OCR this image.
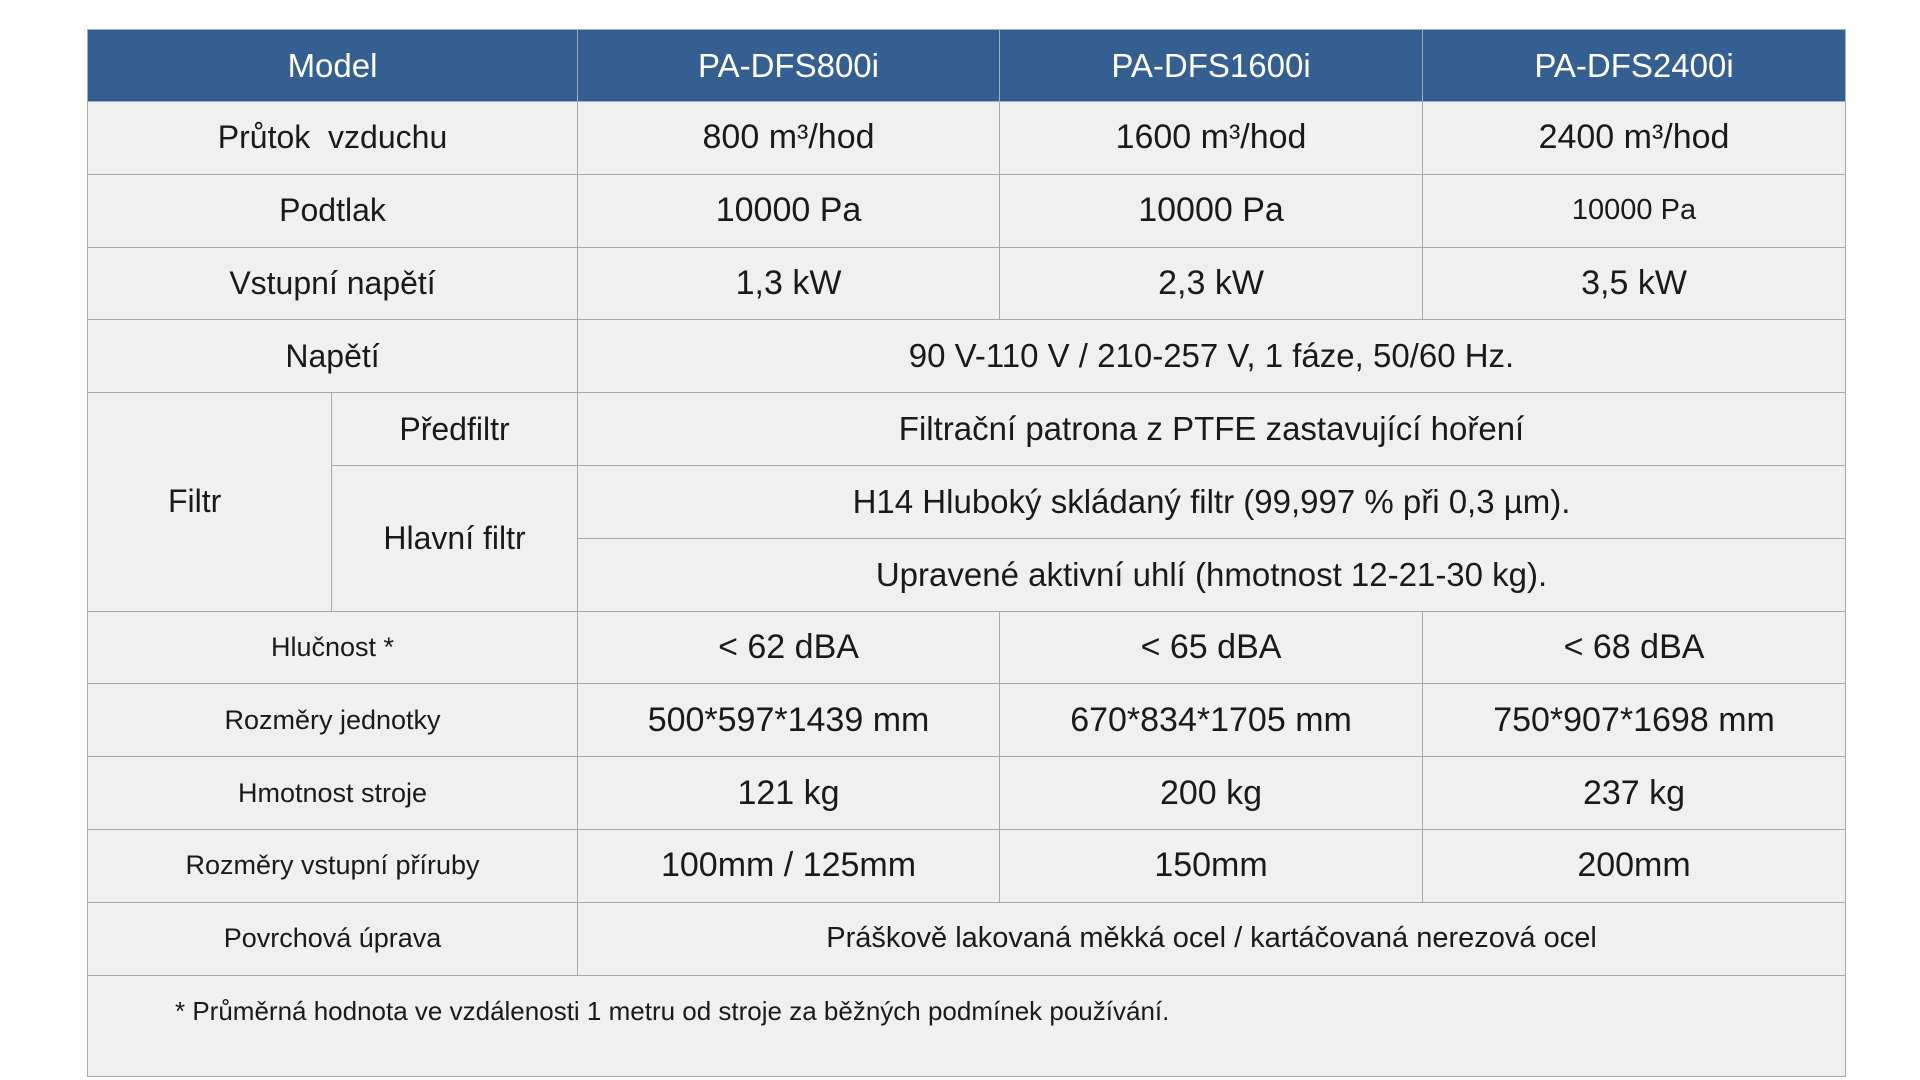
Model		PA-DFS800i	PA-DFS1600i	PA-DFS2400i
Průtok  vzduchu		800 m³/hod	1600 m³/hod	2400 m³/hod
Podtlak		10000 Pa	10000 Pa	10000 Pa
Vstupní napětí		1,3 kW	2,3 kW	3,5 kW
Napětí		90 V-110 V / 210-257 V, 1 fáze, 50/60 Hz.		
Filtr	Předfiltr	Filtrační patrona z PTFE zastavující hoření		
	Hlavní filtr	H14 Hluboký skládaný filtr (99,997 % při 0,3 µm).		
		Upravené aktivní uhlí (hmotnost 12-21-30 kg).		
Hlučnost *		< 62 dBA	< 65 dBA	< 68 dBA
Rozměry jednotky		500*597*1439 mm	670*834*1705 mm	750*907*1698 mm
Hmotnost stroje		121 kg	200 kg	237 kg
Rozměry vstupní příruby		100mm / 125mm	150mm	200mm
Povrchová úprava		Práškově lakovaná měkká ocel / kartáčovaná nerezová ocel		
* Průměrná hodnota ve vzdálenosti 1 metru od stroje za běžných podmínek používání.				
